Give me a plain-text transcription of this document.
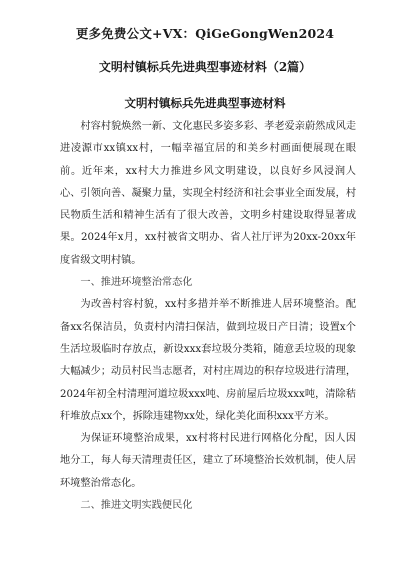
更多免费公文+VX：QiGeGongWen2024
文明村镇标兵先进典型事迹材料（2篇）
文明村镇标兵先进典型事迹材料

村容村貌焕然一新、文化惠民多姿多彩、孝老爱亲蔚然成风走进凌源市xx镇xx村，一幅幸福宜居的和美乡村画面便展现在眼前。近年来，xx村大力推进乡风文明建设，以良好乡风浸润人心、引领向善、凝聚力量，实现全村经济和社会事业全面发展，村民物质生活和精神生活有了很大改善，文明乡村建设取得显著成果。2024年x月，xx村被省文明办、省人社厅评为20xx-20xx年度省级文明村镇。

一、推进环境整治常态化

为改善村容村貌，xx村多措并举不断推进人居环境整治。配备xx名保洁员，负责村内清扫保洁，做到垃圾日产日清；设置x个生活垃圾临时存放点，新设xxx套垃圾分类箱，随意丢垃圾的现象大幅减少；动员村民当志愿者，对村庄周边的积存垃圾进行清理，2024年初全村清理河道垃圾xxx吨、房前屋后垃圾xxx吨，清除秸秆堆放点xx个，拆除违建物xx处，绿化美化面积xxx平方米。

为保证环境整治成果，xx村将村民进行网格化分配，因人因地分工，每人每天清理责任区，建立了环境整治长效机制，使人居环境整治常态化。

二、推进文明实践便民化
